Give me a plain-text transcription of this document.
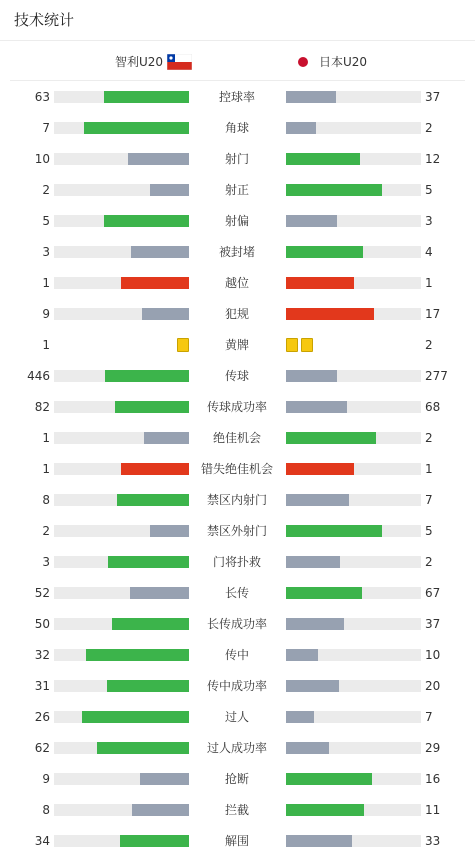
技术统计
智利U20	日本U20
63	控球率	37
7	角球	2
10	射门	12
2	射正	5
5	射偏	3
3	被封堵	4
1	越位	1
9	犯规	17
1	黄牌	2
446	传球	277
82	传球成功率	68
1	绝佳机会	2
1	错失绝佳机会	1
8	禁区内射门	7
2	禁区外射门	5
3	门将扑救	2
52	长传	67
50	长传成功率	37
32	传中	10
31	传中成功率	20
26	过人	7
62	过人成功率	29
9	抢断	16
8	拦截	11
34	解围	33
